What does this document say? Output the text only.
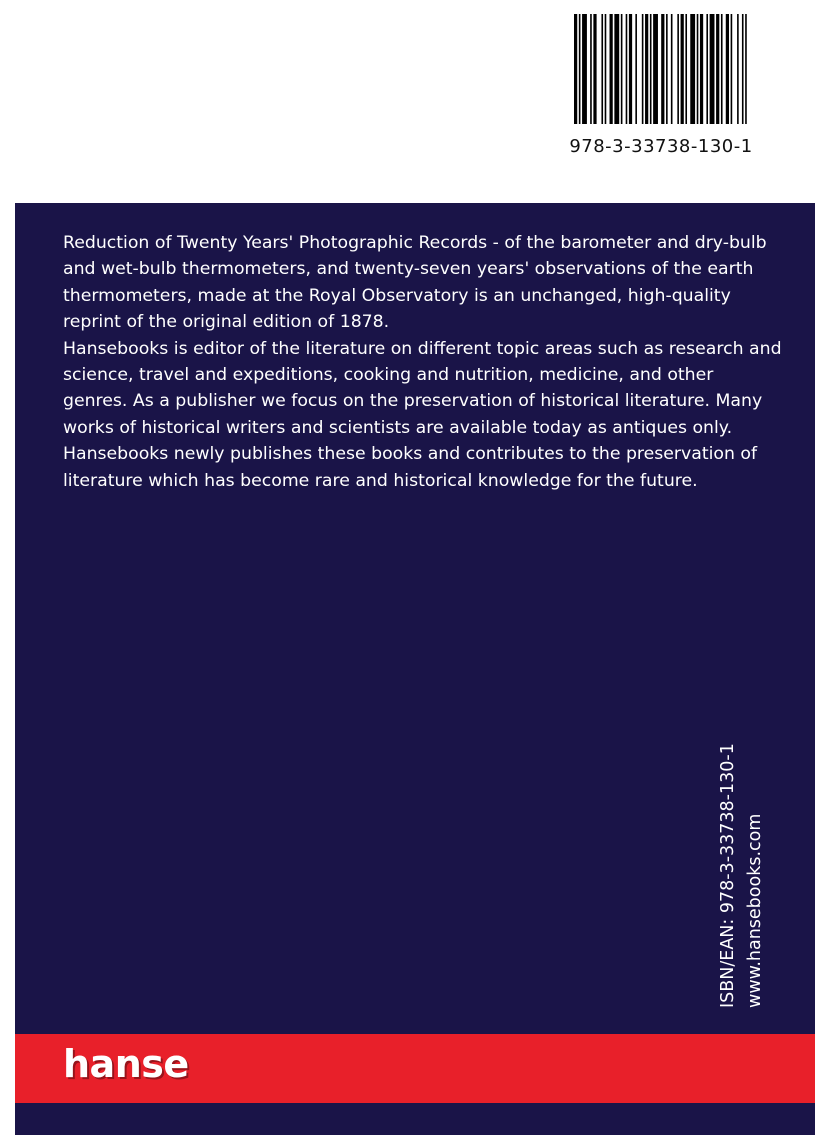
978-3-33738-130-1

Reduction of Twenty Years' Photographic Records - of the barometer and dry-bulb and wet-bulb thermometers, and twenty-seven years' observations of the earth thermometers, made at the Royal Observatory is an unchanged, high-quality reprint of the original edition of 1878.

Hansebooks is editor of the literature on different topic areas such as research and science, travel and expeditions, cooking and nutrition, medicine, and other genres. As a publisher we focus on the preservation of historical literature. Many works of historical writers and scientists are available today as antiques only. Hansebooks newly publishes these books and contributes to the preservation of literature which has become rare and historical knowledge for the future.

ISBN/EAN: 978-3-33738-130-1 www.hansebooks.com
hanse
